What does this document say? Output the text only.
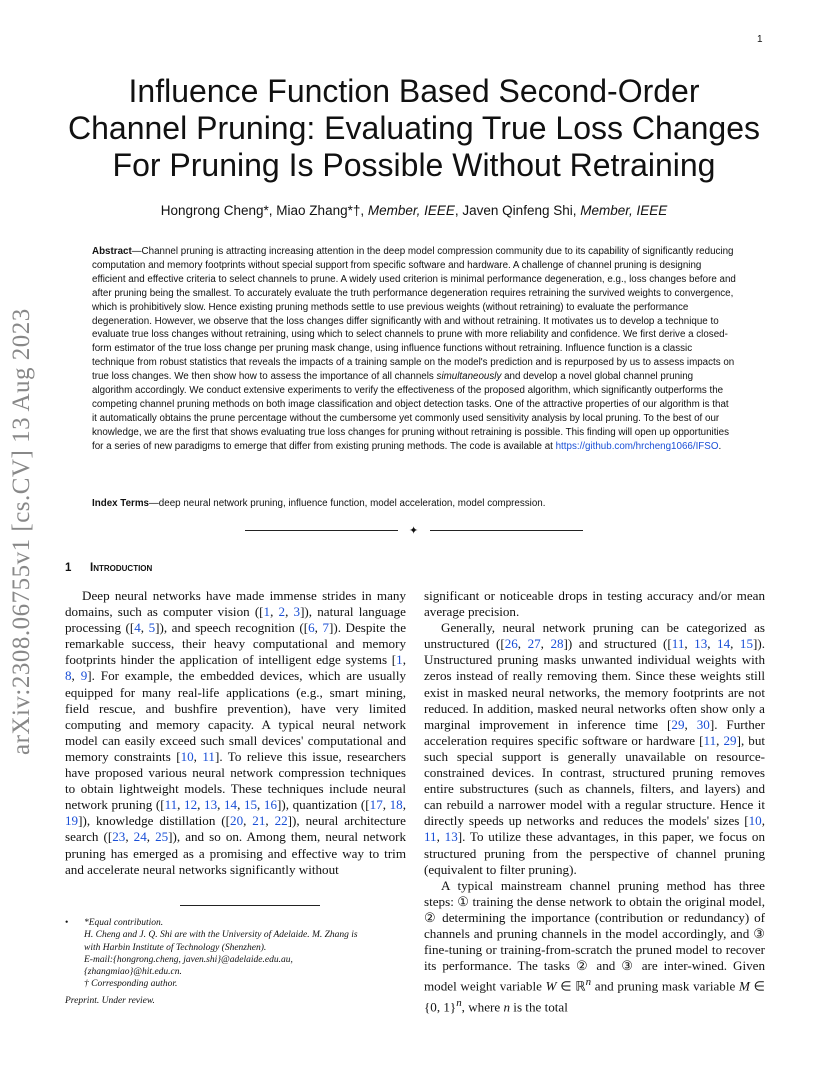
1
arXiv:2308.06755v1 [cs.CV] 13 Aug 2023
Influence Function Based Second-Order
Channel Pruning: Evaluating True Loss Changes
For Pruning Is Possible Without Retraining
Hongrong Cheng*, Miao Zhang*†, Member, IEEE, Javen Qinfeng Shi, Member, IEEE
Abstract—Channel pruning is attracting increasing attention in the deep model compression community due to its capability of significantly reducing computation and memory footprints without special support from specific software and hardware. A challenge of channel pruning is designing efficient and effective criteria to select channels to prune. A widely used criterion is minimal performance degeneration, e.g., loss changes before and after pruning being the smallest. To accurately evaluate the truth performance degeneration requires retraining the survived weights to convergence, which is prohibitively slow. Hence existing pruning methods settle to use previous weights (without retraining) to evaluate the performance degeneration. However, we observe that the loss changes differ significantly with and without retraining. It motivates us to develop a technique to evaluate true loss changes without retraining, using which to select channels to prune with more reliability and confidence. We first derive a closed-form estimator of the true loss change per pruning mask change, using influence functions without retraining. Influence function is a classic technique from robust statistics that reveals the impacts of a training sample on the model's prediction and is repurposed by us to assess impacts on true loss changes. We then show how to assess the importance of all channels simultaneously and develop a novel global channel pruning algorithm accordingly. We conduct extensive experiments to verify the effectiveness of the proposed algorithm, which significantly outperforms the competing channel pruning methods on both image classification and object detection tasks. One of the attractive properties of our algorithm is that it automatically obtains the prune percentage without the cumbersome yet commonly used sensitivity analysis by local pruning. To the best of our knowledge, we are the first that shows evaluating true loss changes for pruning without retraining is possible. This finding will open up opportunities for a series of new paradigms to emerge that differ from existing pruning methods. The code is available at https://github.com/hrcheng1066/IFSO.
Index Terms—deep neural network pruning, influence function, model acceleration, model compression.
✦
1 Introduction

Deep neural networks have made immense strides in many domains, such as computer vision ([1, 2, 3]), natural language processing ([4, 5]), and speech recognition ([6, 7]). Despite the remarkable success, their heavy computational and memory footprints hinder the application of intelligent edge systems [1, 8, 9]. For example, the embedded devices, which are usually equipped for many real-life applications (e.g., smart mining, field rescue, and bushfire prevention), have very limited computing and memory capacity. A typical neural network model can easily exceed such small devices' computational and memory constraints [10, 11]. To relieve this issue, researchers have proposed various neural network compression techniques to obtain lightweight models. These techniques include neural network pruning ([11, 12, 13, 14, 15, 16]), quantization ([17, 18, 19]), knowledge distillation ([20, 21, 22]), neural architecture search ([23, 24, 25]), and so on. Among them, neural network pruning has emerged as a promising and effective way to trim and accelerate neural networks significantly without

significant or noticeable drops in testing accuracy and/or mean average precision.

Generally, neural network pruning can be categorized as unstructured ([26, 27, 28]) and structured ([11, 13, 14, 15]). Unstructured pruning masks unwanted individual weights with zeros instead of really removing them. Since these weights still exist in masked neural networks, the memory footprints are not reduced. In addition, masked neural networks often show only a marginal improvement in inference time [29, 30]. Further acceleration requires specific software or hardware [11, 29], but such special support is generally unavailable on resource-constrained devices. In contrast, structured pruning removes entire substructures (such as channels, filters, and layers) and can rebuild a narrower model with a regular structure. Hence it directly speeds up networks and reduces the models' sizes [10, 11, 13]. To utilize these advantages, in this paper, we focus on structured pruning from the perspective of channel pruning (equivalent to filter pruning).

A typical mainstream channel pruning method has three steps: ① training the dense network to obtain the original model, ② determining the importance (contribution or redundancy) of channels and pruning channels in the model accordingly, and ③ fine-tuning or training-from-scratch the pruned model to recover its performance. The tasks ② and ③ are inter-wined. Given model weight variable W ∈ ℝ$^n$ and pruning mask variable M ∈ {0, 1}$^n$, where n is the total

• *Equal contribution.
H. Cheng and J. Q. Shi are with the University of Adelaide. M. Zhang is with Harbin Institute of Technology (Shenzhen).
E-mail:{hongrong.cheng, javen.shi}@adelaide.edu.au,
{zhangmiao}@hit.edu.cn.
† Corresponding author.
Preprint. Under review.
